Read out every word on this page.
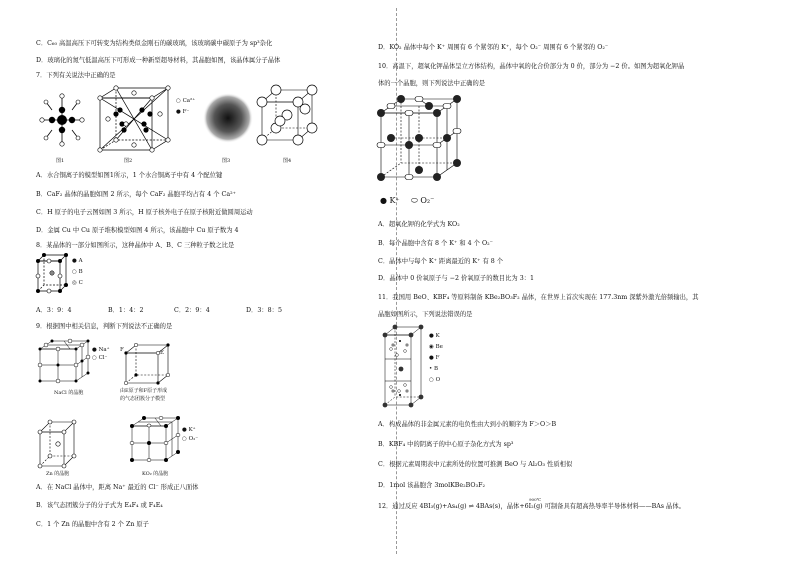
C．C₆₀ 高温高压下可转变为结构类似金刚石的碳玻璃，该玻璃碳中碳原子为 sp³杂化
D．玻璃化的氮气低温高压下可形成一种新型超导材料，其晶胞如图，该晶体属分子晶体
7．下列有关说法中正确的是
图1
○ Ca²⁺
● F⁻
图2	图3	图4
A．水合铜离子的模型如图1所示，1 个水合铜离子中有 4 个配位键
B．CaF₂ 晶体的晶胞如图 2 所示，每个 CaF₂ 晶胞平均占有 4 个 Ca²⁺
C．H 原子的电子云图如图 3 所示，H 原子核外电子在原子核附近做圆周运动
D．金属 Cu 中 Cu 原子堆积模型如图 4 所示，该晶胞中 Cu 原子数为 4
8．某晶体的一部分如图所示，这种晶体中 A、B、C 三种粒子数之比是
● A
○ B
◎ C
A．3：9：4	B．1：4：2	C．2：9：4	D．3：8：5
9．根据图中相关信息，判断下列说法不正确的是
● Na⁺
○ Cl⁻
NaCl 的晶胞
F	E
由E原子和F原子形成
的气态团簇分子模型
Zn 的晶胞
● K⁺
○ O₂⁻
KO₂ 的晶胞
A．在 NaCl 晶体中，距离 Na⁺ 最近的 Cl⁻ 形成正八面体
B．该气态团簇分子的分子式为 E₄F₄ 或 F₄E₄
C．1 个 Zn 的晶胞中含有 2 个 Zn 原子
D．KO₂ 晶体中每个 K⁺ 周围有 6 个紧邻的 K⁺，每个 O₂⁻ 周围有 6 个紧邻的 O₂⁻
10．高温下，超氧化钾晶体呈立方体结构，晶体中氧的化合价部分为 0 价，部分为 −2 价。如图为超氧化钾晶
体的一个晶胞，则下列说法中正确的是
● K⁺ ⬭ O₂⁻
A．超氧化钾的化学式为 KO₂
B．每个晶胞中含有 8 个 K⁺ 和 4 个 O₂⁻
C．晶体中与每个 K⁺ 距离最近的 K⁺ 有 8 个
D．晶体中 0 价氧原子与 −2 价氧原子的数目比为 3：1
11．我国用 BeO、KBF₄ 等原料制备 KBe₂BO₃F₂ 晶体，在世界上首次实现在 177.3nm 深紫外激光倍频输出，其
晶胞如图所示，下列说法错误的是
● K
◉ Be
● F
• B
○ O
A．构成晶体的非金属元素的电负性由大到小的顺序为 F＞O＞B
B．KBF₄ 中的阴离子的中心原子杂化方式为 sp³
C．根据元素周期表中元素所处的位置可推测 BeO 与 Al₂O₃ 性质相似
D．1mol 该晶胞含 3molKBe₂BO₃F₂
900℃
12．通过反应 4BI₃(g)+As₄(g) ⇌ 4BAs(s)，晶体+6I₂(g) 可制备具有超高热导率半导体材料——BAs 晶体。
